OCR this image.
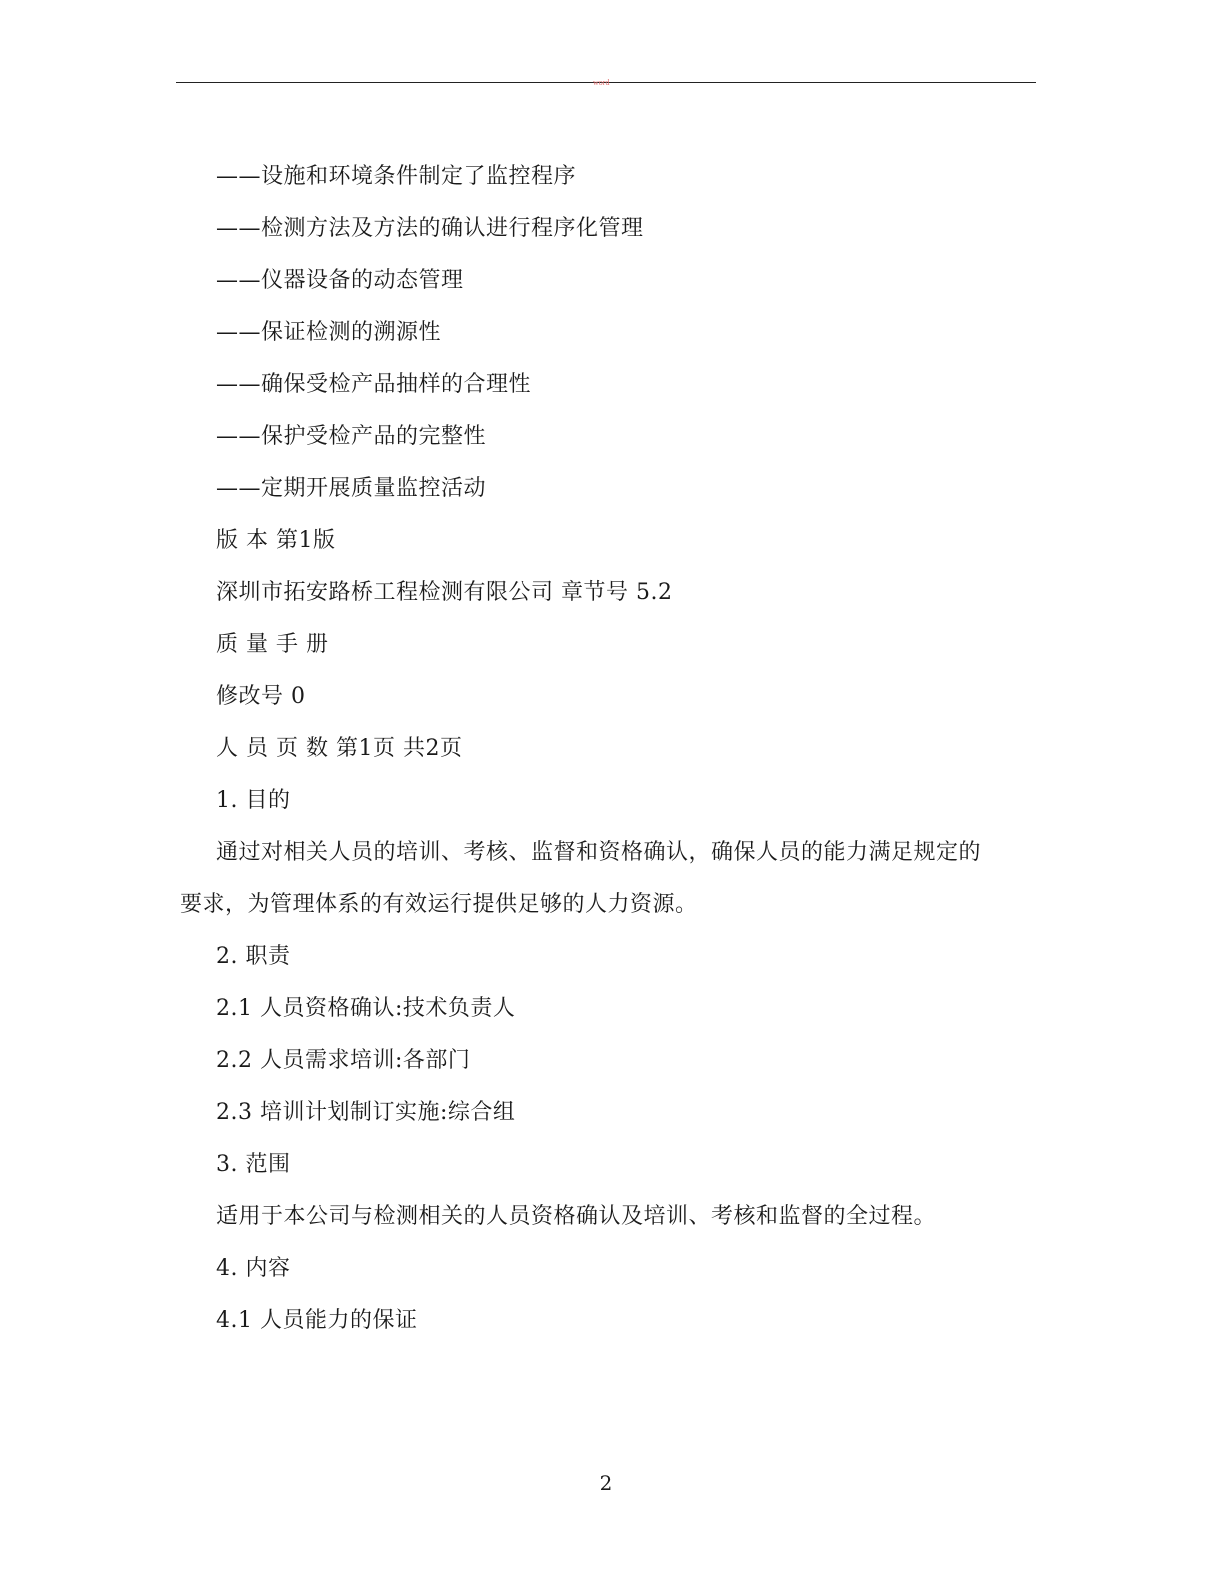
word
——设施和环境条件制定了监控程序
——检测方法及方法的确认进行程序化管理
——仪器设备的动态管理
——保证检测的溯源性
——确保受检产品抽样的合理性
——保护受检产品的完整性
——定期开展质量监控活动
版 本 第1版
深圳市拓安路桥工程检测有限公司 章节号 5.2
质 量 手 册
修改号 0
人 员 页 数 第1页 共2页
1. 目的
通过对相关人员的培训、考核、监督和资格确认，确保人员的能力满足规定的
要求，为管理体系的有效运行提供足够的人力资源。
2. 职责
2.1 人员资格确认:技术负责人
2.2 人员需求培训:各部门
2.3 培训计划制订实施:综合组
3. 范围
适用于本公司与检测相关的人员资格确认及培训、考核和监督的全过程。
4. 内容
4.1 人员能力的保证
2
